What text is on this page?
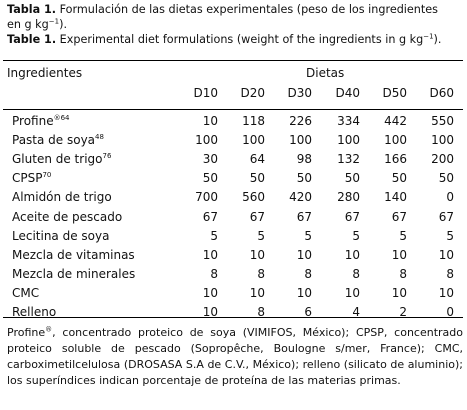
Tabla 1. Formulación de las dietas experimentales (peso de los ingredientes
en g $kg^{-1}$).
Table 1. Experimental diet formulations (weight of the ingredients in g $kg^{-1}$).
Ingredientes	Dietas
D10 D20 D30 D40 D50 D60
Profine$^{®64}$	10	118	226	334	442	550
Pasta de soya$^{48}$	100	100	100	100	100	100
Gluten de trigo$^{76}$	30	64	98	132	166	200
CPSP$^{70}$	50	50	50	50	50	50
Almidón de trigo	700	560	420	280	140	0
Aceite de pescado	67	67	67	67	67	67
Lecitina de soya	5	5	5	5	5	5
Mezcla de vitaminas	10	10	10	10	10	10
Mezcla de minerales	8	8	8	8	8	8
CMC	10	10	10	10	10	10
Relleno	10	8	6	4	2	0
Profine®, concentrado proteico de soya (VIMIFOS, México); CPSP, concentrado proteico soluble de pescado (Sopropêche, Boulogne s/mer, France); CMC, carboximetilcelulosa (DROSASA S.A de C.V., México); relleno (silicato de aluminio); los superíndices indican porcentaje de proteína de las materias primas.
